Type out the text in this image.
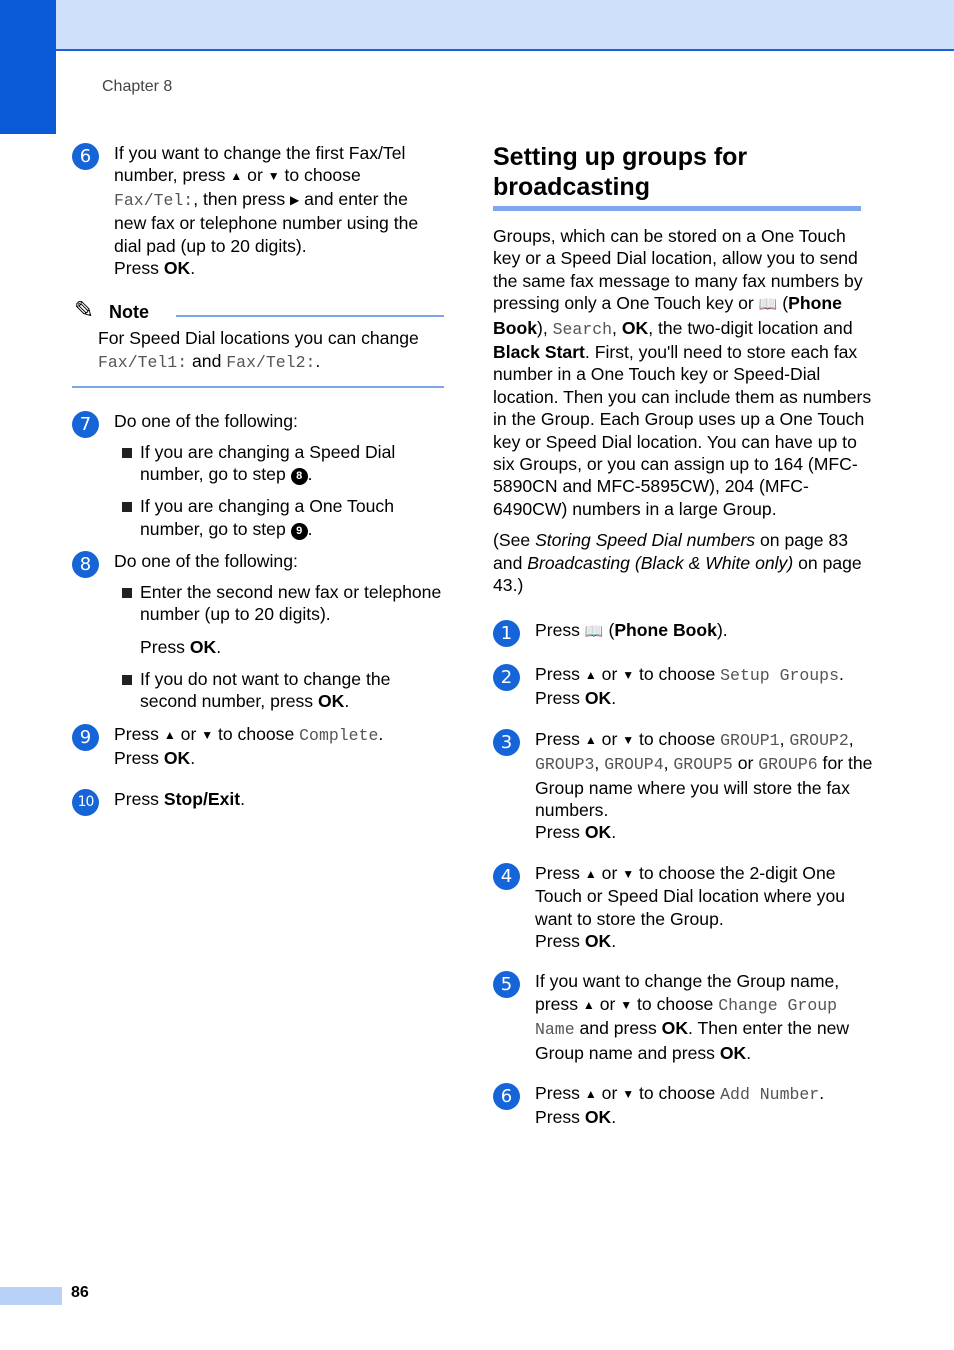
Chapter 8
6	If you want to change the first Fax/Tel number, press ▲ or ▼ to choose Fax/Tel:, then press ▶ and enter the new fax or telephone number using the dial pad (up to 20 digits).
Press OK.
✎ Note
For Speed Dial locations you can change Fax/Tel1: and Fax/Tel2:.
7	Do one of the following:
If you are changing a Speed Dial number, go to step 8 .
If you are changing a One Touch number, go to step 9 .
8	Do one of the following:
Enter the second new fax or telephone number (up to 20 digits).
Press OK.
If you do not want to change the second number, press OK.
9	Press ▲ or ▼ to choose Complete.
Press OK.
10	Press Stop/Exit.
Setting up groups for broadcasting

Groups, which can be stored on a One Touch key or a Speed Dial location, allow you to send the same fax message to many fax numbers by pressing only a One Touch key or 📖 (Phone Book), Search, OK, the two-digit location and Black Start. First, you'll need to store each fax number in a One Touch key or Speed-Dial location. Then you can include them as numbers in the Group. Each Group uses up a One Touch key or Speed Dial location. You can have up to six Groups, or you can assign up to 164 (MFC-5890CN and MFC-5895CW), 204 (MFC-6490CW) numbers in a large Group.

(See Storing Speed Dial numbers on page 83 and Broadcasting (Black & White only) on page 43.)

1	Press 📖 (Phone Book).
2	Press ▲ or ▼ to choose Setup Groups.
Press OK.
3	Press ▲ or ▼ to choose GROUP1, GROUP2, GROUP3, GROUP4, GROUP5 or GROUP6 for the Group name where you will store the fax numbers.
Press OK.
4	Press ▲ or ▼ to choose the 2-digit One Touch or Speed Dial location where you want to store the Group.
Press OK.
5	If you want to change the Group name, press ▲ or ▼ to choose Change Group Name and press OK. Then enter the new Group name and press OK.
6	Press ▲ or ▼ to choose Add Number.
Press OK.
86
